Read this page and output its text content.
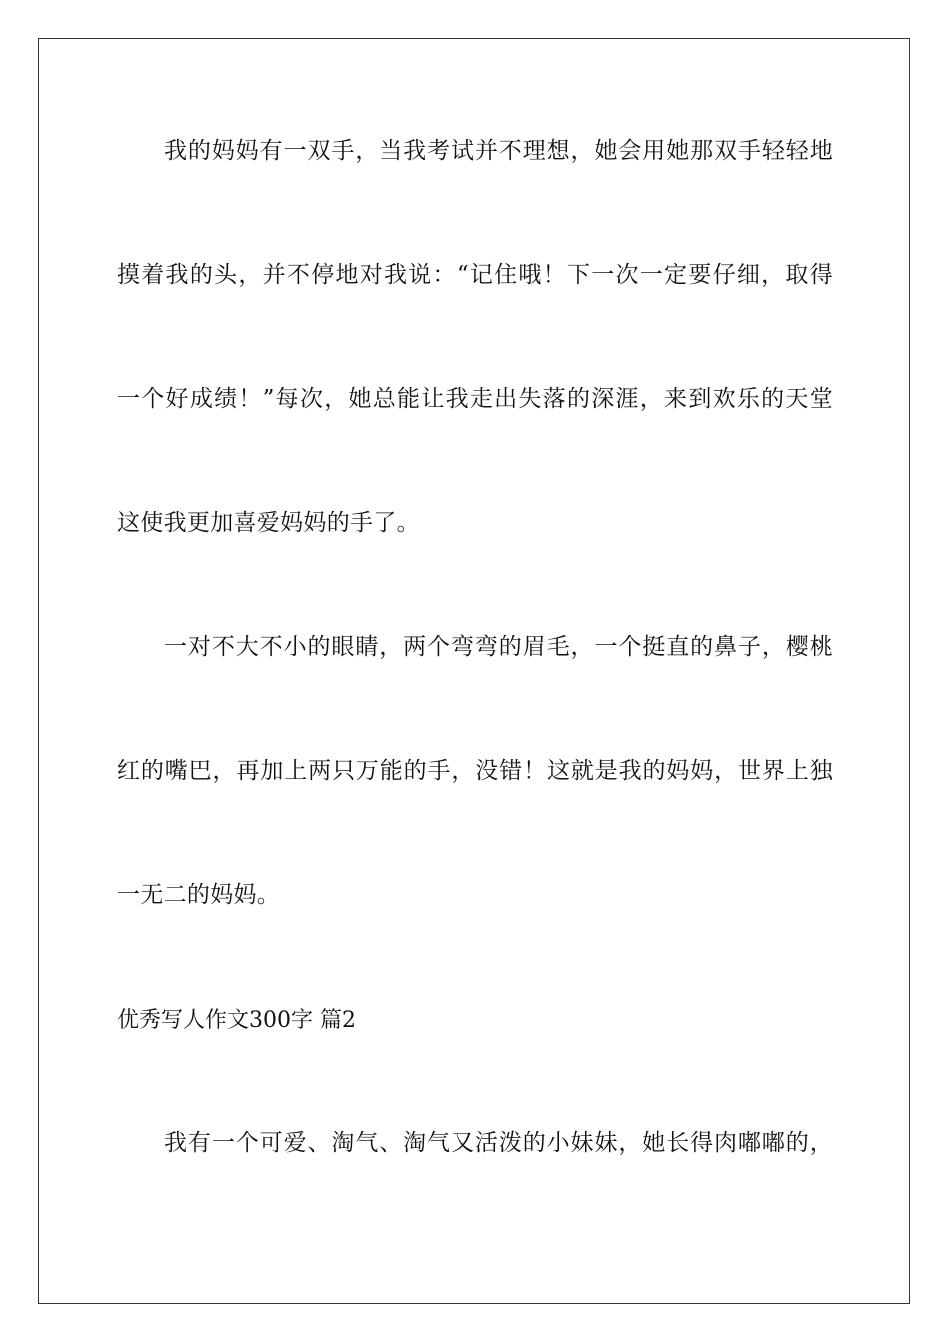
我的妈妈有一双手，当我考试并不理想，她会用她那双手轻轻地
摸着我的头，并不停地对我说：“记住哦！下一次一定要仔细，取得
一个好成绩！”每次，她总能让我走出失落的深涯，来到欢乐的天堂
这使我更加喜爱妈妈的手了。
一对不大不小的眼睛，两个弯弯的眉毛，一个挺直的鼻子，樱桃
红的嘴巴，再加上两只万能的手，没错！这就是我的妈妈，世界上独
一无二的妈妈。
优秀写人作文300字 篇2
我有一个可爱、淘气、淘气又活泼的小妹妹，她长得肉嘟嘟的，
